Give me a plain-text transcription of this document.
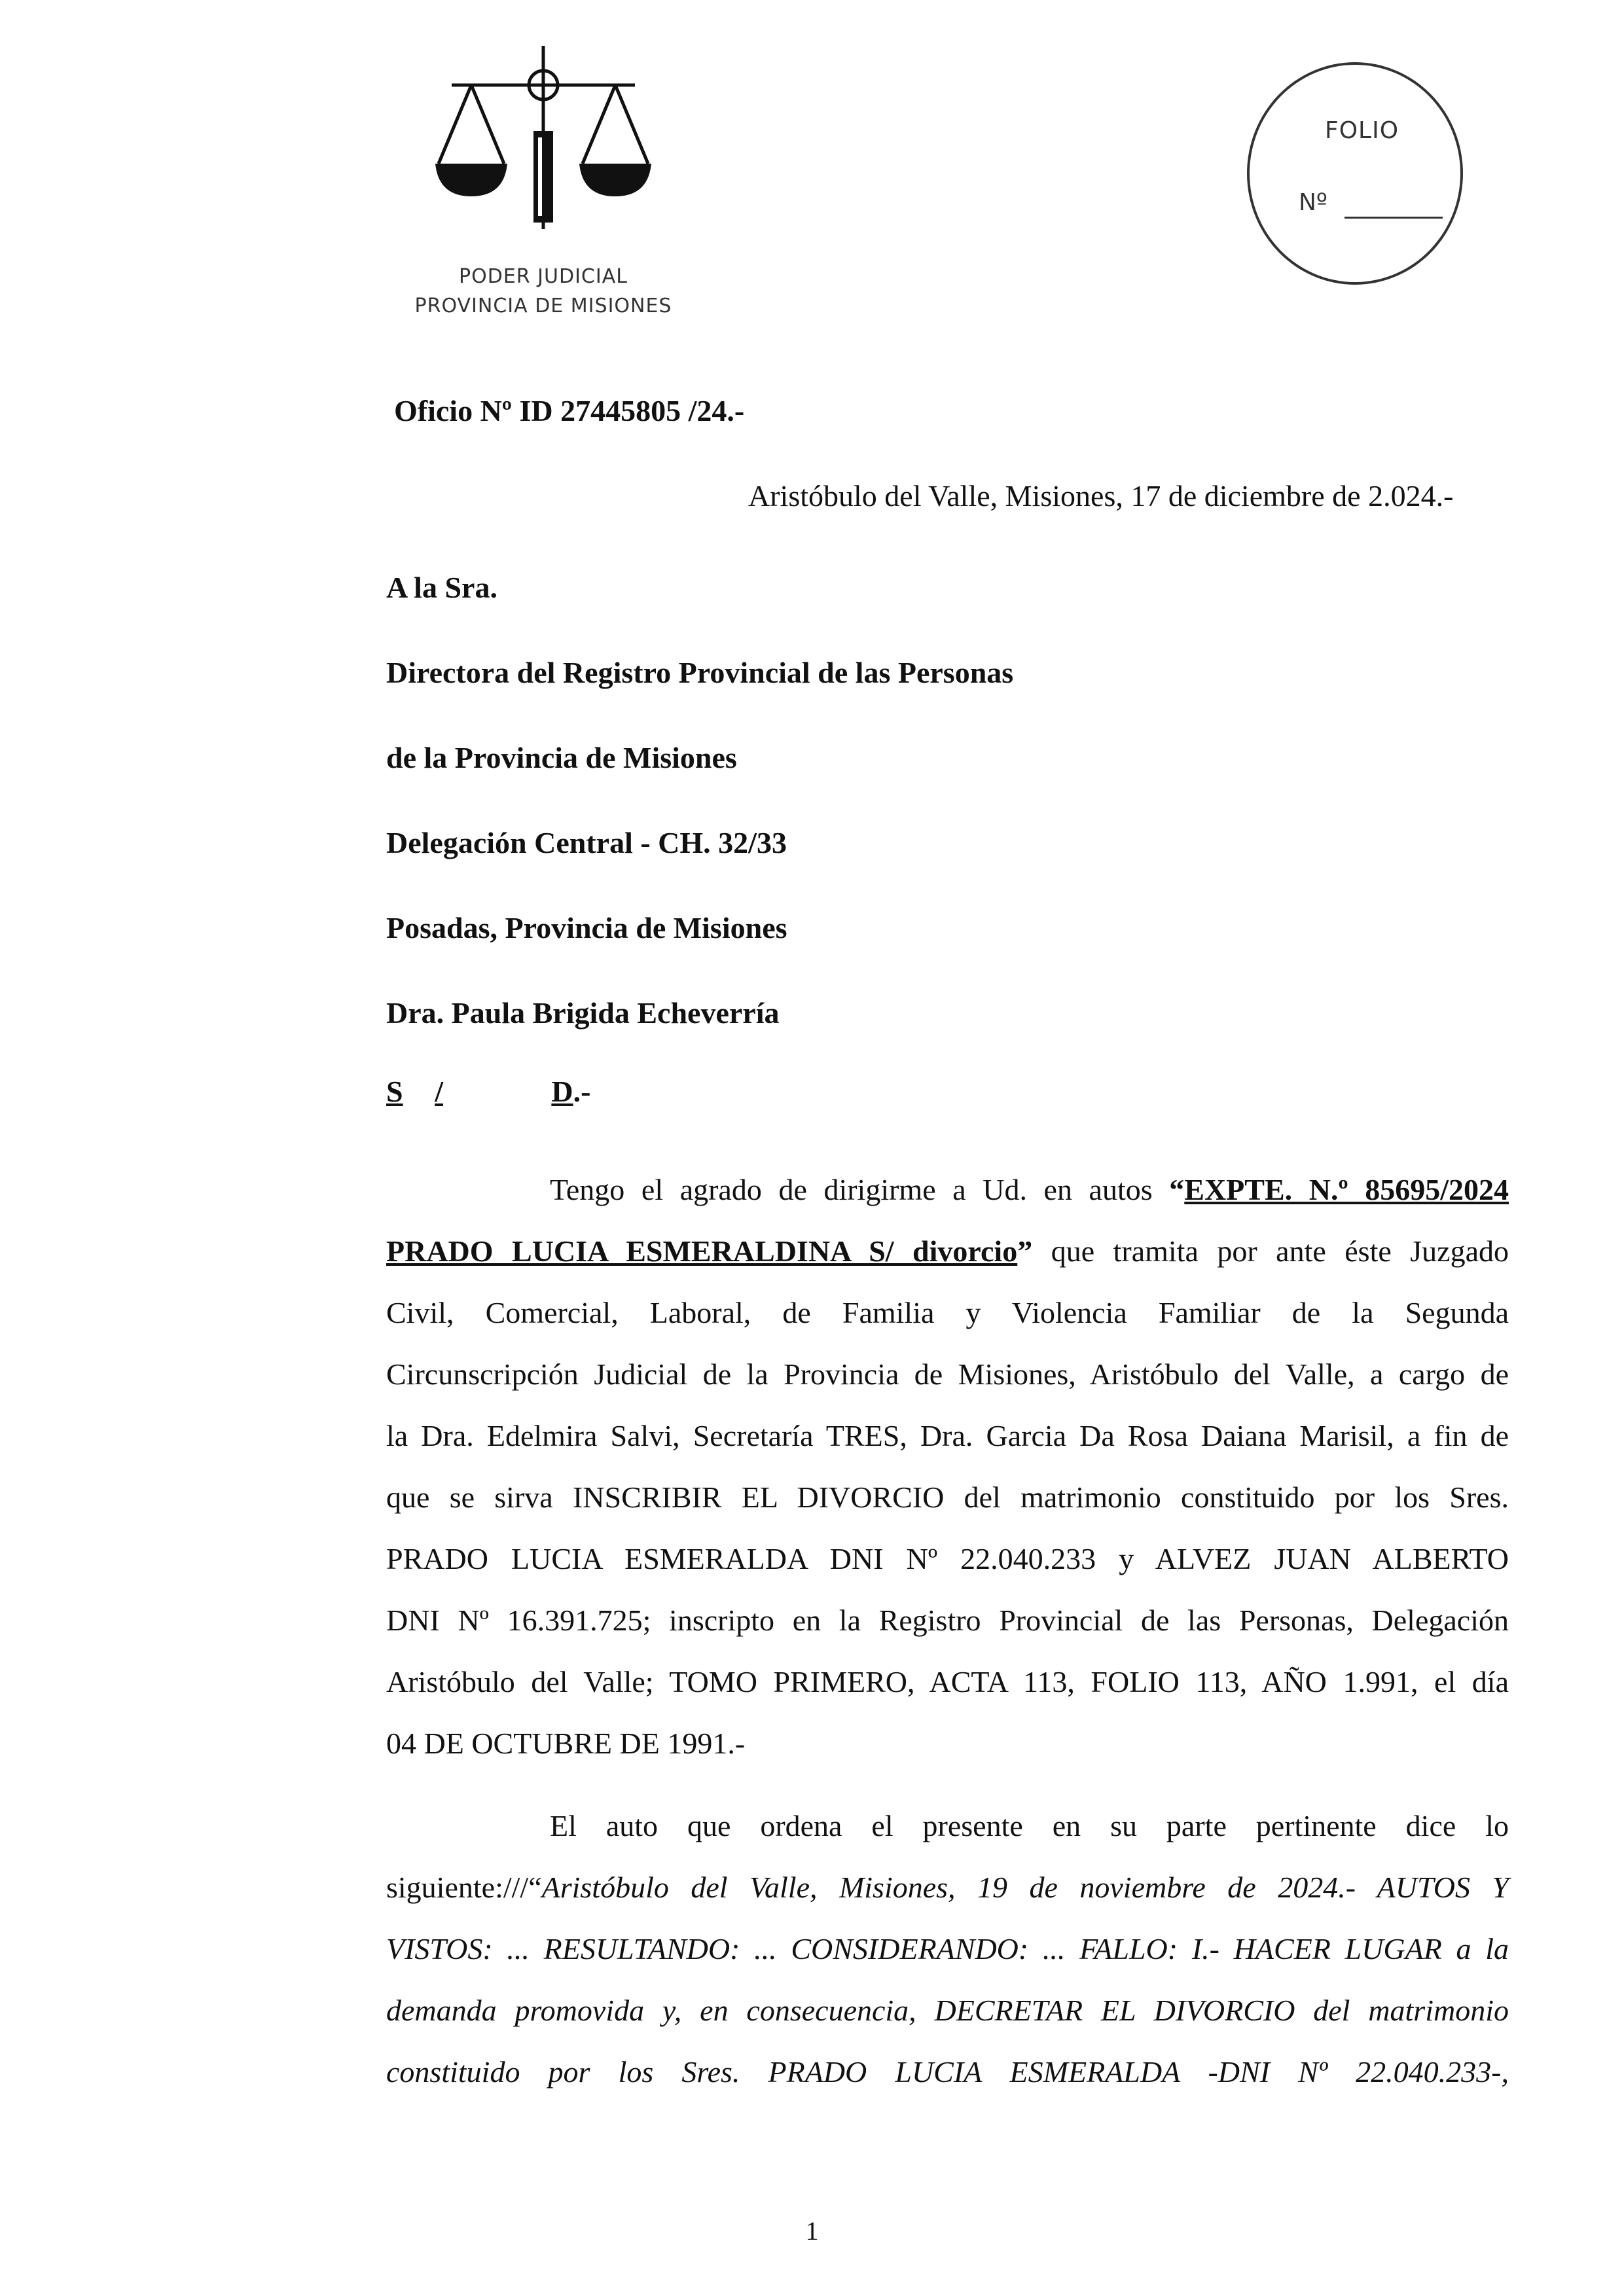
PODER JUDICIAL
PROVINCIA DE MISIONES
FOLIO
Nº
Oficio Nº ID 27445805 /24.-
Aristóbulo del Valle, Misiones, 17 de diciembre de 2.024.-
A la Sra.
Directora del Registro Provincial de las Personas
de la Provincia de Misiones
Delegación Central - CH. 32/33
Posadas, Provincia de Misiones
Dra. Paula Brigida Echeverría
S /	D.-
Tengo el agrado de dirigirme a Ud. en autos “EXPTE. N.º 85695/2024
PRADO LUCIA ESMERALDINA S/ divorcio” que tramita por ante éste Juzgado
Civil, Comercial, Laboral, de Familia y Violencia Familiar de la Segunda
Circunscripción Judicial de la Provincia de Misiones, Aristóbulo del Valle, a cargo de
la Dra. Edelmira Salvi, Secretaría TRES, Dra. Garcia Da Rosa Daiana Marisil, a fin de
que se sirva INSCRIBIR EL DIVORCIO del matrimonio constituido por los Sres.
PRADO LUCIA ESMERALDA DNI Nº 22.040.233 y ALVEZ JUAN ALBERTO
DNI Nº 16.391.725; inscripto en la Registro Provincial de las Personas, Delegación
Aristóbulo del Valle; TOMO PRIMERO, ACTA 113, FOLIO 113, AÑO 1.991, el día
04 DE OCTUBRE DE 1991.-
El auto que ordena el presente en su parte pertinente dice lo
siguiente:///“Aristóbulo del Valle, Misiones, 19 de noviembre de 2024.- AUTOS Y
VISTOS: ... RESULTANDO: ... CONSIDERANDO: ... FALLO: I.- HACER LUGAR a la
demanda promovida y, en consecuencia, DECRETAR EL DIVORCIO del matrimonio
constituido por los Sres. PRADO LUCIA ESMERALDA -DNI Nº 22.040.233-,
1
